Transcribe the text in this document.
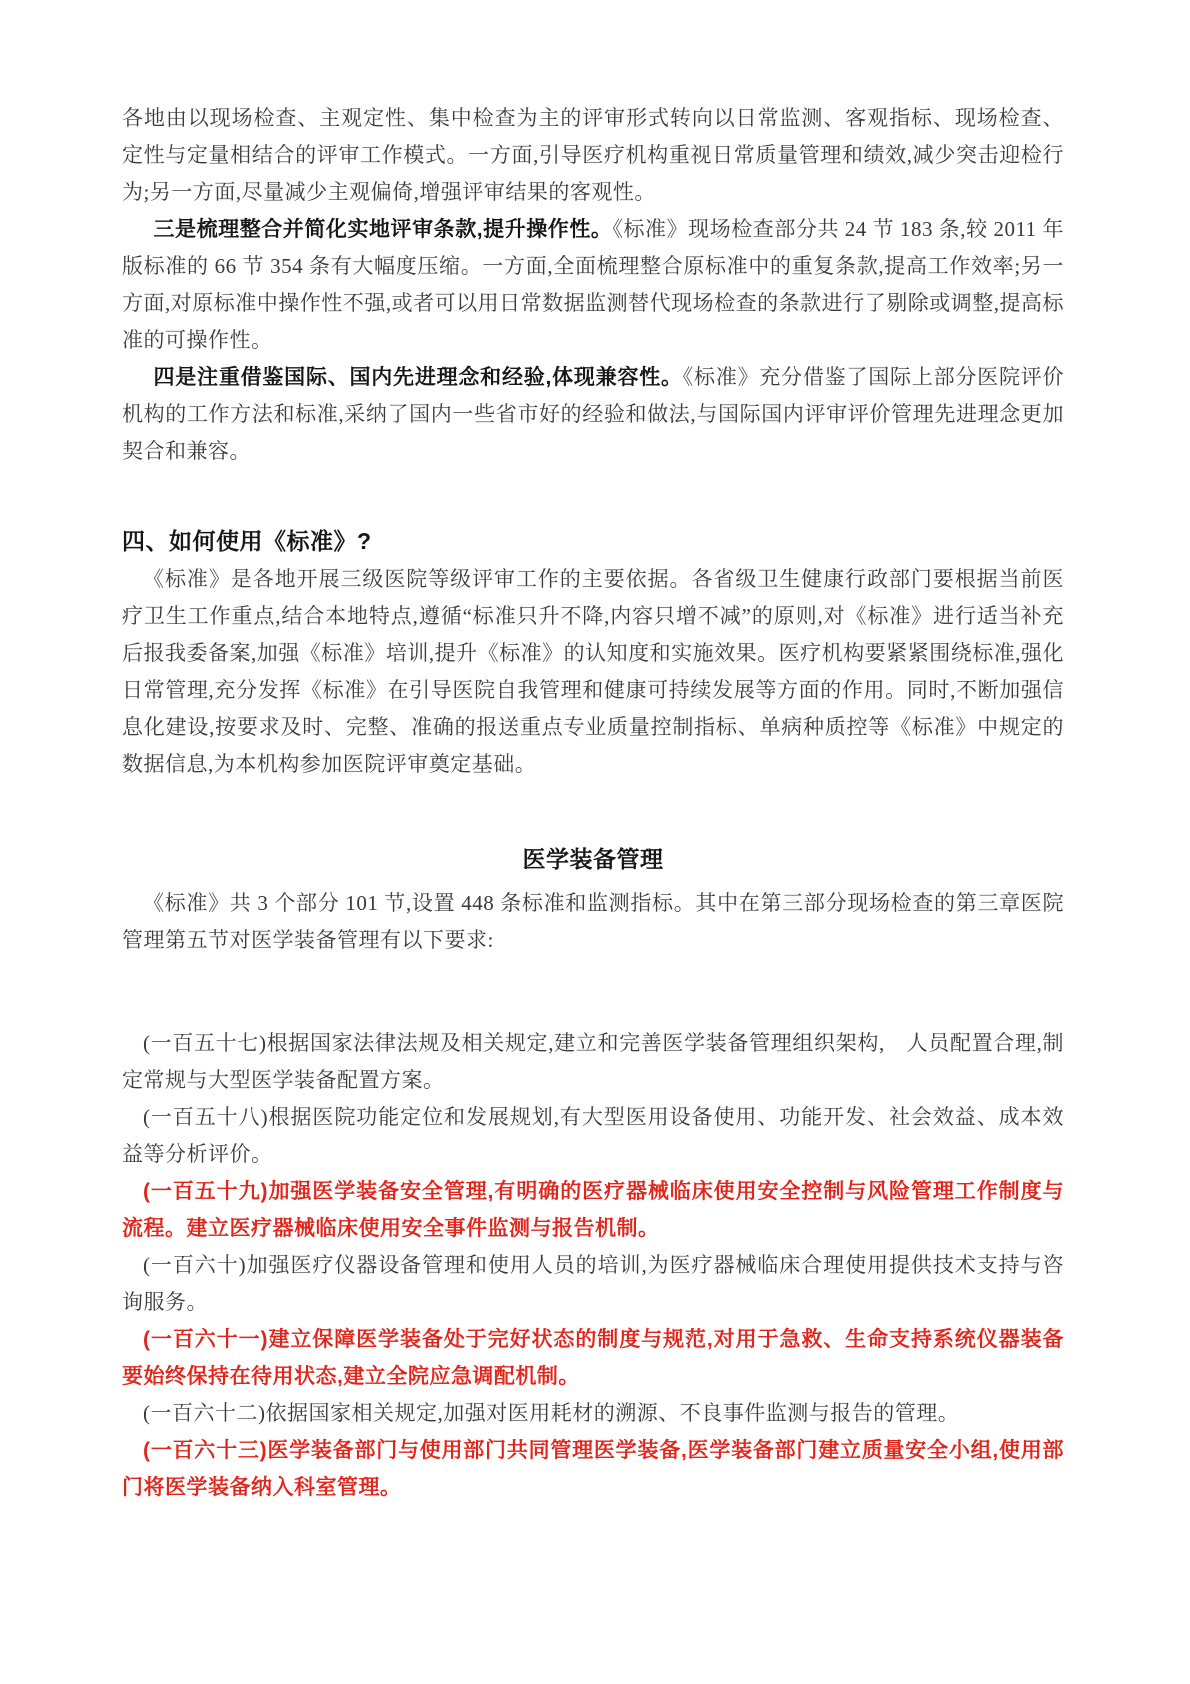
各地由以现场检查、主观定性、集中检查为主的评审形式转向以日常监测、客观指标、现场检查、定性与定量相结合的评审工作模式。一方面,引导医疗机构重视日常质量管理和绩效,减少突击迎检行为;另一方面,尽量减少主观偏倚,增强评审结果的客观性。

三是梳理整合并简化实地评审条款,提升操作性。《标准》现场检查部分共 24 节 183 条,较 2011 年版标准的 66 节 354 条有大幅度压缩。一方面,全面梳理整合原标准中的重复条款,提高工作效率;另一方面,对原标准中操作性不强,或者可以用日常数据监测替代现场检查的条款进行了剔除或调整,提高标准的可操作性。

四是注重借鉴国际、国内先进理念和经验,体现兼容性。《标准》充分借鉴了国际上部分医院评价机构的工作方法和标准,采纳了国内一些省市好的经验和做法,与国际国内评审评价管理先进理念更加契合和兼容。

四、如何使用《标准》?

《标准》是各地开展三级医院等级评审工作的主要依据。各省级卫生健康行政部门要根据当前医疗卫生工作重点,结合本地特点,遵循“标准只升不降,内容只增不减”的原则,对《标准》进行适当补充后报我委备案,加强《标准》培训,提升《标准》的认知度和实施效果。医疗机构要紧紧围绕标准,强化日常管理,充分发挥《标准》在引导医院自我管理和健康可持续发展等方面的作用。同时,不断加强信息化建设,按要求及时、完整、准确的报送重点专业质量控制指标、单病种质控等《标准》中规定的数据信息,为本机构参加医院评审奠定基础。

医学装备管理

《标准》共 3 个部分 101 节,设置 448 条标准和监测指标。其中在第三部分现场检查的第三章医院管理第五节对医学装备管理有以下要求:

(一百五十七)根据国家法律法规及相关规定,建立和完善医学装备管理组织架构,　人员配置合理,制定常规与大型医学装备配置方案。

(一百五十八)根据医院功能定位和发展规划,有大型医用设备使用、功能开发、社会效益、成本效益等分析评价。

(一百五十九)加强医学装备安全管理,有明确的医疗器械临床使用安全控制与风险管理工作制度与流程。建立医疗器械临床使用安全事件监测与报告机制。

(一百六十)加强医疗仪器设备管理和使用人员的培训,为医疗器械临床合理使用提供技术支持与咨询服务。

(一百六十一)建立保障医学装备处于完好状态的制度与规范,对用于急救、生命支持系统仪器装备要始终保持在待用状态,建立全院应急调配机制。

(一百六十二)依据国家相关规定,加强对医用耗材的溯源、不良事件监测与报告的管理。

(一百六十三)医学装备部门与使用部门共同管理医学装备,医学装备部门建立质量安全小组,使用部门将医学装备纳入科室管理。
